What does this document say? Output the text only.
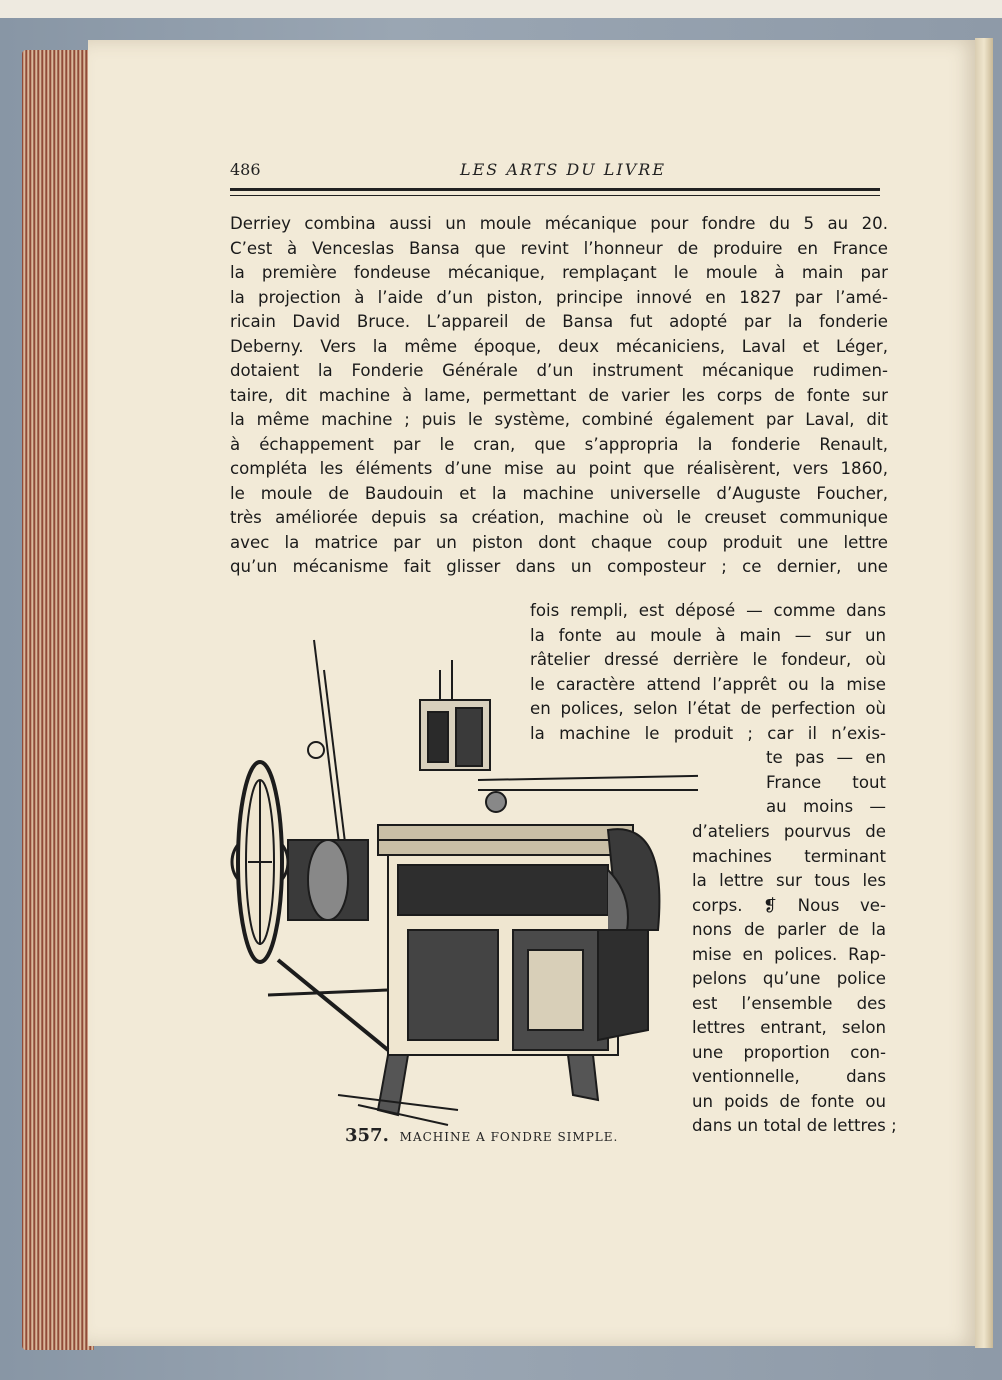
486	LES ARTS DU LIVRE
Derriey combina aussi un moule mécanique pour fondre du 5 au 20.
C’est à Venceslas Bansa que revint l’honneur de produire en France
la première fondeuse mécanique, remplaçant le moule à main par
la projection à l’aide d’un piston, principe innové en 1827 par l’amé-
ricain David Bruce. L’appareil de Bansa fut adopté par la fonderie
Deberny. Vers la même époque, deux mécaniciens, Laval et Léger,
dotaient la Fonderie Générale d’un instrument mécanique rudimen-
taire, dit machine à lame, permettant de varier les corps de fonte sur
la même machine ; puis le système, combiné également par Laval, dit
à échappement par le cran, que s’appropria la fonderie Renault,
compléta les éléments d’une mise au point que réalisèrent, vers 1860,
le moule de Baudouin et la machine universelle d’Auguste Foucher,
très améliorée depuis sa création, machine où le creuset communique
avec la matrice par un piston dont chaque coup produit une lettre
qu’un mécanisme fait glisser dans un composteur ; ce dernier, une
fois rempli, est déposé — comme dans
la fonte au moule à main — sur un
râtelier dressé derrière le fondeur, où
le caractère attend l’apprêt ou la mise
en polices, selon l’état de perfection où
la machine le produit ; car il n’exis-
te pas — en
France tout
au moins —
d’ateliers pourvus de
machines terminant
la lettre sur tous les
corps. ❡ Nous ve-
nons de parler de la
mise en polices. Rap-
pelons qu’une police
est l’ensemble des
lettres entrant, selon
une proportion con-
ventionnelle, dans
un poids de fonte ou
dans un total de lettres ;
357. MACHINE A FONDRE SIMPLE.
